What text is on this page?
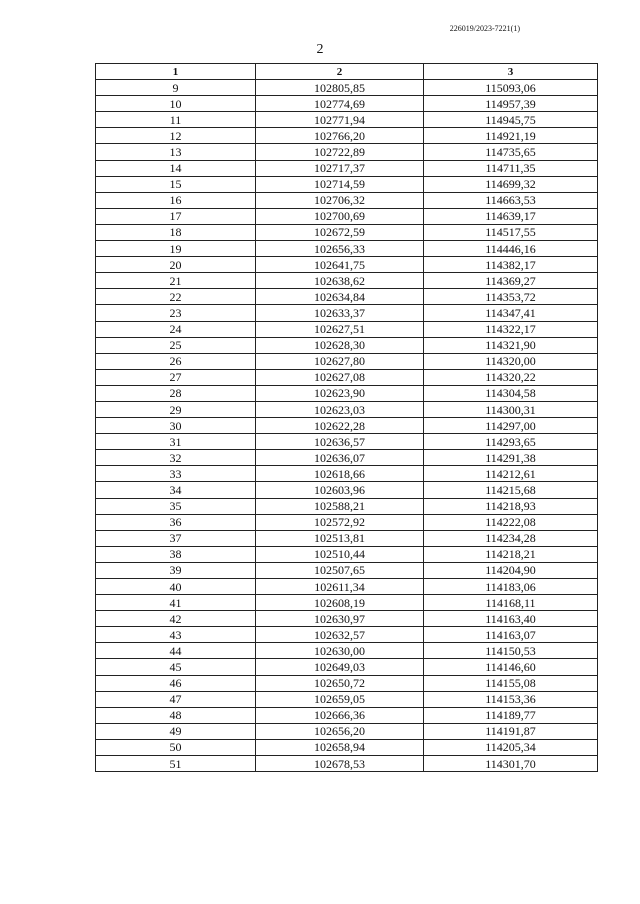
226019/2023-7221(1)
2
1	2	3
9	102805,85	115093,06
10	102774,69	114957,39
11	102771,94	114945,75
12	102766,20	114921,19
13	102722,89	114735,65
14	102717,37	114711,35
15	102714,59	114699,32
16	102706,32	114663,53
17	102700,69	114639,17
18	102672,59	114517,55
19	102656,33	114446,16
20	102641,75	114382,17
21	102638,62	114369,27
22	102634,84	114353,72
23	102633,37	114347,41
24	102627,51	114322,17
25	102628,30	114321,90
26	102627,80	114320,00
27	102627,08	114320,22
28	102623,90	114304,58
29	102623,03	114300,31
30	102622,28	114297,00
31	102636,57	114293,65
32	102636,07	114291,38
33	102618,66	114212,61
34	102603,96	114215,68
35	102588,21	114218,93
36	102572,92	114222,08
37	102513,81	114234,28
38	102510,44	114218,21
39	102507,65	114204,90
40	102611,34	114183,06
41	102608,19	114168,11
42	102630,97	114163,40
43	102632,57	114163,07
44	102630,00	114150,53
45	102649,03	114146,60
46	102650,72	114155,08
47	102659,05	114153,36
48	102666,36	114189,77
49	102656,20	114191,87
50	102658,94	114205,34
51	102678,53	114301,70
